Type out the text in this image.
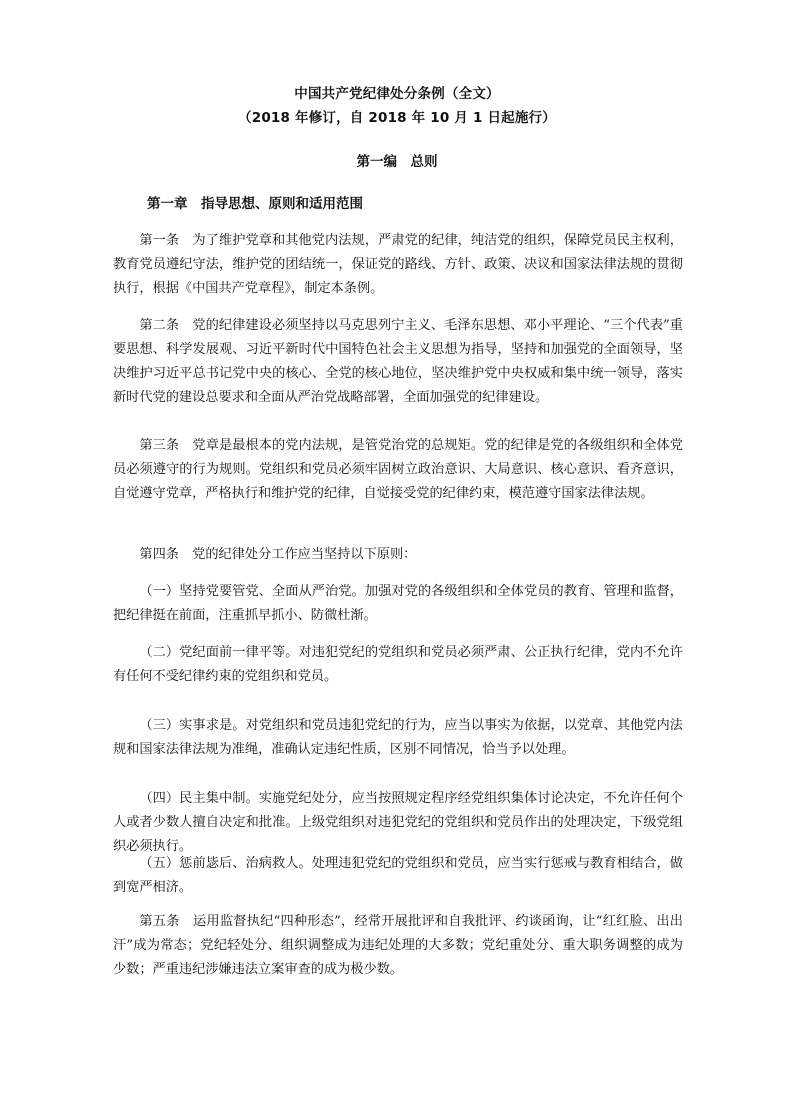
中国共产党纪律处分条例（全文）
（2018 年修订，自 2018 年 10 月 1 日起施行）
第一编　总则
第一章　指导思想、原则和适用范围

第一条　为了维护党章和其他党内法规，严肃党的纪律，纯洁党的组织，保障党员民主权利，教育党员遵纪守法，维护党的团结统一，保证党的路线、方针、政策、决议和国家法律法规的贯彻执行，根据《中国共产党章程》，制定本条例。

第二条　党的纪律建设必须坚持以马克思列宁主义、毛泽东思想、邓小平理论、“三个代表”重要思想、科学发展观、习近平新时代中国特色社会主义思想为指导，坚持和加强党的全面领导，坚决维护习近平总书记党中央的核心、全党的核心地位，坚决维护党中央权威和集中统一领导，落实新时代党的建设总要求和全面从严治党战略部署，全面加强党的纪律建设。

第三条　党章是最根本的党内法规，是管党治党的总规矩。党的纪律是党的各级组织和全体党员必须遵守的行为规则。党组织和党员必须牢固树立政治意识、大局意识、核心意识、看齐意识，自觉遵守党章，严格执行和维护党的纪律，自觉接受党的纪律约束，模范遵守国家法律法规。

第四条　党的纪律处分工作应当坚持以下原则：

（一）坚持党要管党、全面从严治党。加强对党的各级组织和全体党员的教育、管理和监督，把纪律挺在前面，注重抓早抓小、防微杜渐。

（二）党纪面前一律平等。对违犯党纪的党组织和党员必须严肃、公正执行纪律，党内不允许有任何不受纪律约束的党组织和党员。

（三）实事求是。对党组织和党员违犯党纪的行为，应当以事实为依据，以党章、其他党内法规和国家法律法规为准绳，准确认定违纪性质，区别不同情况，恰当予以处理。

（四）民主集中制。实施党纪处分，应当按照规定程序经党组织集体讨论决定，不允许任何个人或者少数人擅自决定和批准。上级党组织对违犯党纪的党组织和党员作出的处理决定，下级党组织必须执行。

（五）惩前毖后、治病救人。处理违犯党纪的党组织和党员，应当实行惩戒与教育相结合，做到宽严相济。

第五条　运用监督执纪“四种形态”，经常开展批评和自我批评、约谈函询，让“红红脸、出出汗”成为常态；党纪轻处分、组织调整成为违纪处理的大多数；党纪重处分、重大职务调整的成为少数；严重违纪涉嫌违法立案审查的成为极少数。
